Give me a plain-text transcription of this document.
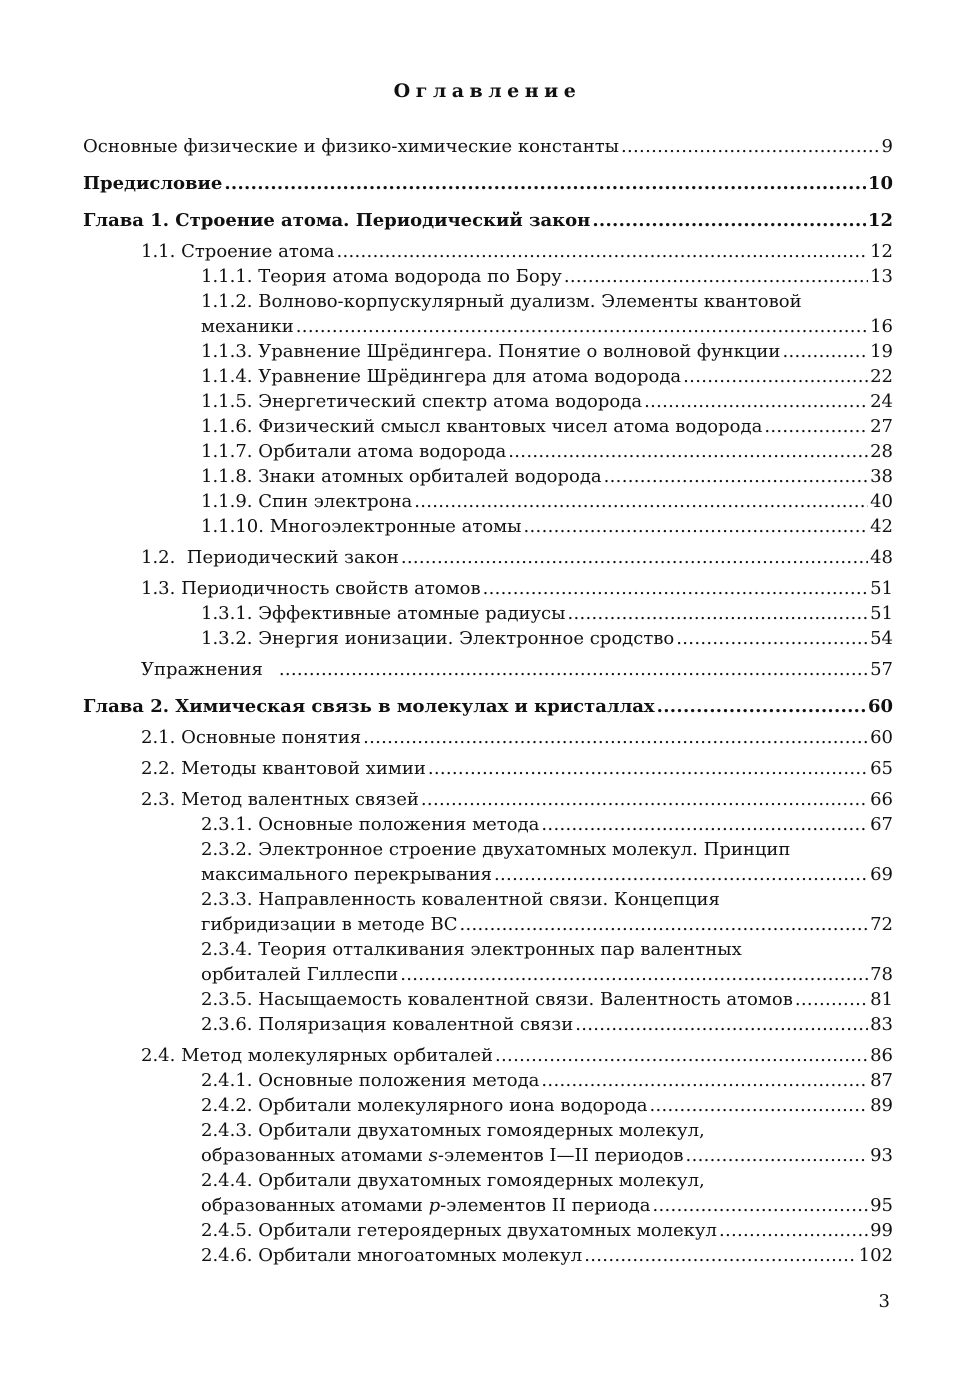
Оглавление
Основные физические и физико-химические константы .....	9
Предисловие .....	10
Глава 1. Строение атома. Периодический закон .....	12
1.1. Строение атома .....	12
1.1.1. Теория атома водорода по Бору .....	13
1.1.2. Волново-корпускулярный дуализм. Элементы квантовой
механики .....	16
1.1.3. Уравнение Шрёдингера. Понятие о волновой функции .....	19
1.1.4. Уравнение Шрёдингера для атома водорода .....	22
1.1.5. Энергетический спектр атома водорода .....	24
1.1.6. Физический смысл квантовых чисел атома водорода .....	27
1.1.7. Орбитали атома водорода .....	28
1.1.8. Знаки атомных орбиталей водорода .....	38
1.1.9. Спин электрона .....	40
1.1.10. Многоэлектронные атомы .....	42
1.2.  Периодический закон .....	48
1.3. Периодичность свойств атомов .....	51
1.3.1. Эффективные атомные радиусы .....	51
1.3.2. Энергия ионизации. Электронное сродство .....	54
Упражнения .....	57
Глава 2. Химическая связь в молекулах и кристаллах .....	60
2.1. Основные понятия .....	60
2.2. Методы квантовой химии .....	65
2.3. Метод валентных связей .....	66
2.3.1. Основные положения метода .....	67
2.3.2. Электронное строение двухатомных молекул. Принцип
максимального перекрывания .....	69
2.3.3. Направленность ковалентной связи. Концепция
гибридизации в методе ВС .....	72
2.3.4. Теория отталкивания электронных пар валентных
орбиталей Гиллеспи .....	78
2.3.5. Насыщаемость ковалентной связи. Валентность атомов .....	81
2.3.6. Поляризация ковалентной связи .....	83
2.4. Метод молекулярных орбиталей .....	86
2.4.1. Основные положения метода .....	87
2.4.2. Орбитали молекулярного иона водорода .....	89
2.4.3. Орбитали двухатомных гомоядерных молекул,
образованных атомами s-элементов I—II периодов .....	93
2.4.4. Орбитали двухатомных гомоядерных молекул,
образованных атомами p-элементов II периода .....	95
2.4.5. Орбитали гетероядерных двухатомных молекул .....	99
2.4.6. Орбитали многоатомных молекул .....	102
3
